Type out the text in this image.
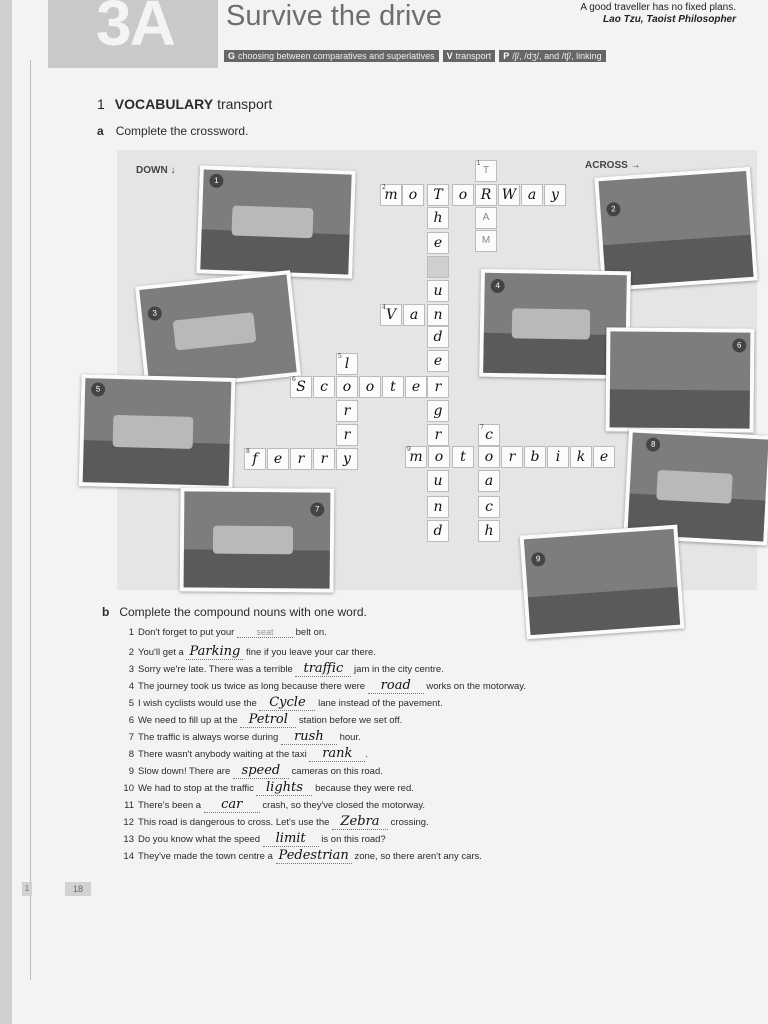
3A Survive the drive	A good traveller has no fixed plans.
Lao Tzu, Taoist Philosopher
G choosing between comparatives and superlatives	V transport	P /ʃ/, /dʒ/, and /tʃ/, linking
1 VOCABULARY transport
a Complete the crossword.
DOWN ↓	ACROSS →
1
2
3
4
6
5
8
7
9
2
m o	T	o R W a	y
1
T
A
M
h
e
u
n
d
e
r
g
r
u
n
d
4 V a
6 S	c	o	o	t	e
5 l
r
r
8 f	e	r	r	y
9
m o	t	o	r	b	i	k	e
7 c
a
c
h
b Complete the compound nouns with one word.
1 Don't forget to put your seat belt on.
2 You'll get a Parking fine if you leave your car there.
3 Sorry we're late. There was a terrible traffic jam in the city centre.
4 The journey took us twice as long because there were road works on the motorway.
5 I wish cyclists would use the Cycle lane instead of the pavement.
6 We need to fill up at the Petrol station before we set off.
7 The traffic is always worse during rush hour.
8 There wasn't anybody waiting at the taxi rank .
9 Slow down! There are speed cameras on this road.
10 We had to stop at the traffic lights because they were red.
11 There's been a car crash, so they've closed the motorway.
12 This road is dangerous to cross. Let's use the Zebra crossing.
13 Do you know what the speed limit is on this road?
14 They've made the town centre a Pedestrian zone, so there aren't any cars.
1	18
